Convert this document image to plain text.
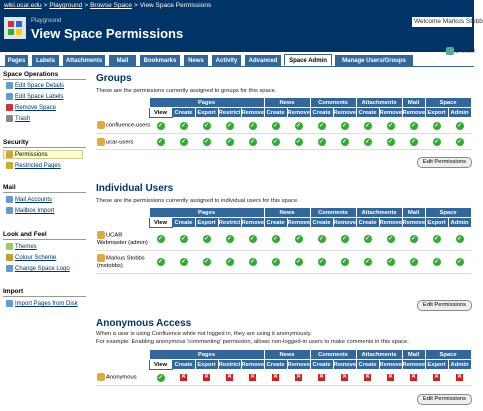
wiki.ucar.edu > Playground > Browse Space > View Space Permissions
Welcome Markus Stobb
Playground
View Space Permissions
Browse
Pages	Labels	Attachments	Mail	Bookmarks	News	Activity	Advanced	Space Admin	Manage Users/Groups
Space Operations
Edit Space Details
Edit Space Labels
Remove Space
Trash
Security
Permissions
Restricted Pages
Mail
Mail Accounts
Mailbox Import
Look and Feel
Themes
Colour Scheme
Change Space Logo
Import
Import Pages from Disk
Groups
These are the permissions currently assigned to groups for this space.
	Pages					News		Comments		Attachments		Mail	Space	
	View	Create	Export	Restrict	Remove	Create	Remove	Create	Remove	Create	Remove	Remove	Export	Admin
confluence-users	✓	✓	✓	✓	✓	✓	✓	✓	✓	✓	✓	✓	✓	✓
ucar-users	✓	✓	✓	✓	✓	✓	✓	✓	✓	✓	✓	✓	✓	✓
Edit Permissions
Individual Users
These are the permissions currently assigned to individual users for this space.
	Pages					News		Comments		Attachments		Mail	Space	
	View	Create	Export	Restrict	Remove	Create	Remove	Create	Remove	Create	Remove	Remove	Export	Admin
UCAR Webmaster (admin)	✓	✓	✓	✓	✓	✓	✓	✓	✓	✓	✓	✓	✓	✓
Markus Stobbs (mstobbs)	✓	✓	✓	✓	✓	✓	✓	✓	✓	✓	✓	✓	✓	✓
Edit Permissions
Anonymous Access
When a user is using Confluence while not logged in, they are using it anonymously.
For example: Enabling anonymous 'commenting' permission, allows non-logged-in users to make comments in this space.
	Pages					News		Comments		Attachments		Mail	Space	
	View	Create	Export	Restrict	Remove	Create	Remove	Create	Remove	Create	Remove	Remove	Export	Admin
Anonymous	✓	✕	✕	✕	✕	✕	✕	✕	✕	✕	✕	✕	✕	✕
Edit Permissions
